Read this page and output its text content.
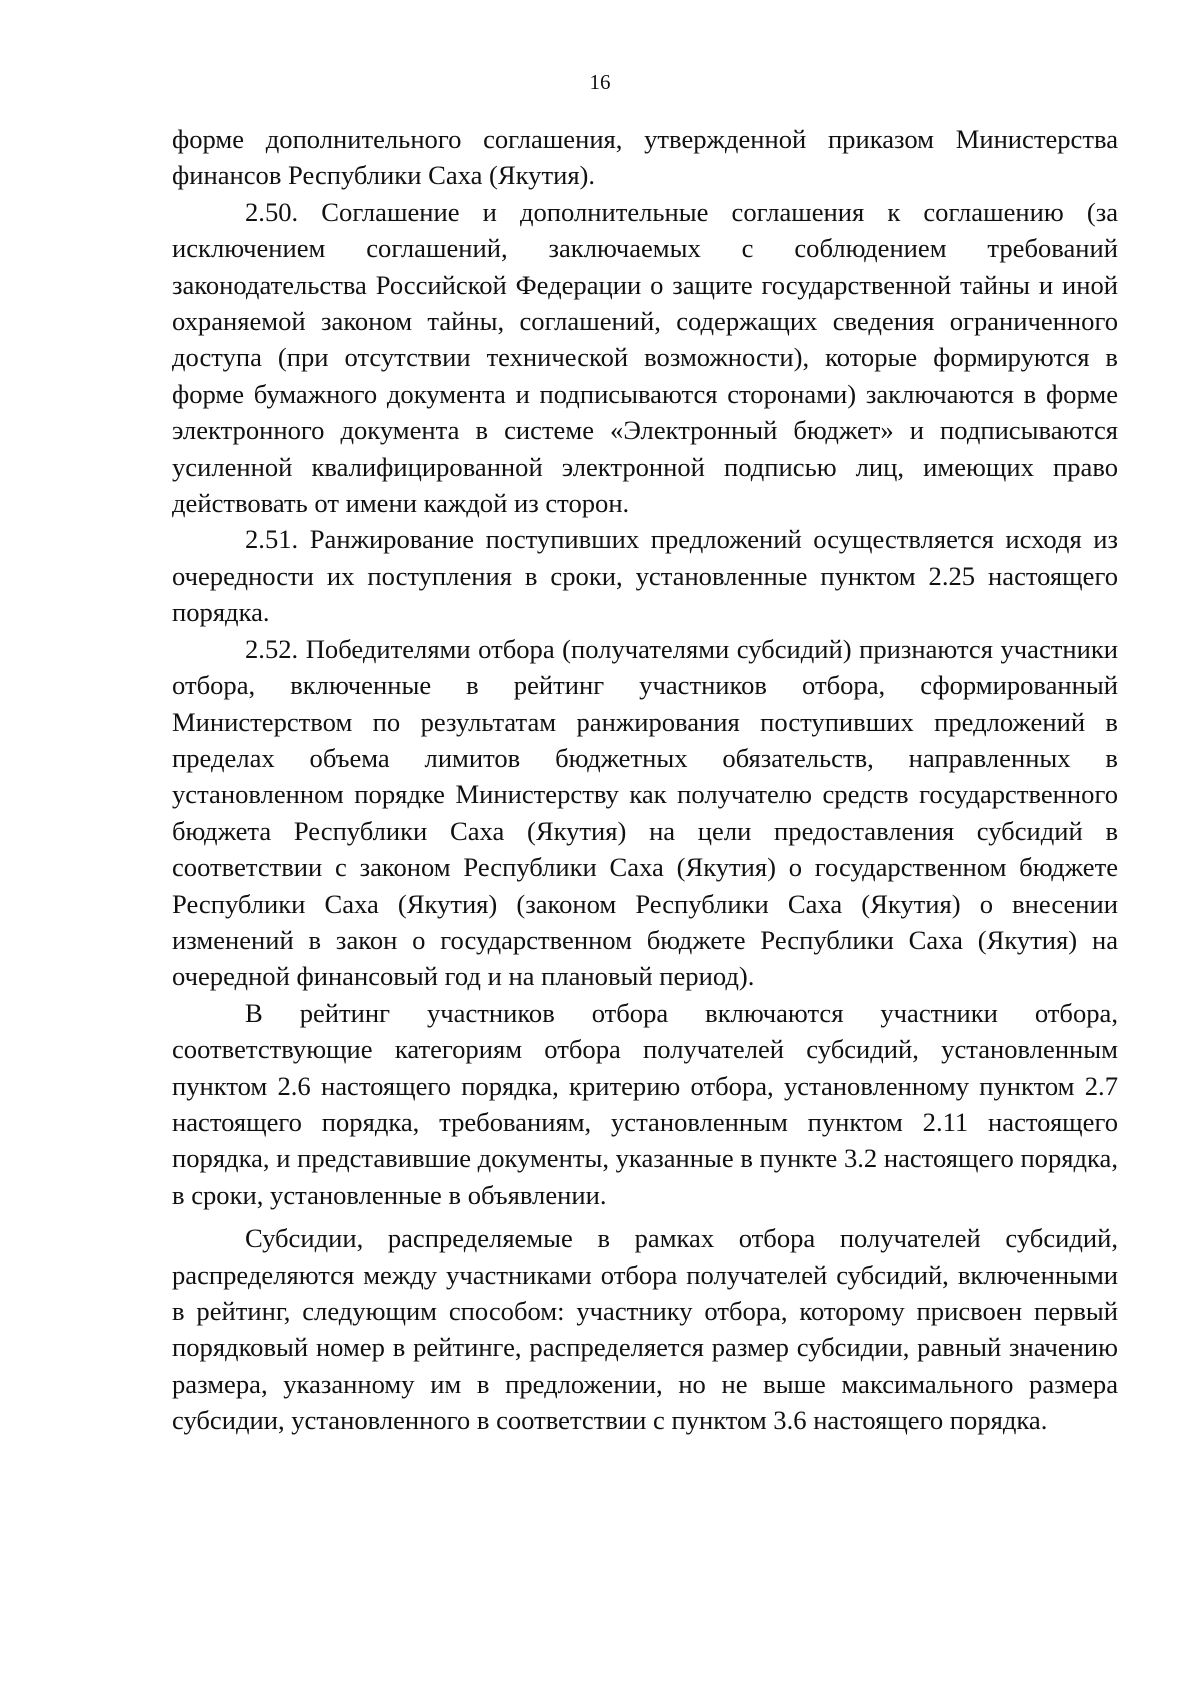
16

форме дополнительного соглашения, утвержденной приказом Министерства финансов Республики Саха (Якутия).

2.50. Соглашение и дополнительные соглашения к соглашению (за исключением соглашений, заключаемых с соблюдением требований законодательства Российской Федерации о защите государственной тайны и иной охраняемой законом тайны, соглашений, содержащих сведения ограниченного доступа (при отсутствии технической возможности), которые формируются в форме бумажного документа и подписываются сторонами) заключаются в форме электронного документа в системе «Электронный бюджет» и подписываются усиленной квалифицированной электронной подписью лиц, имеющих право действовать от имени каждой из сторон.

2.51. Ранжирование поступивших предложений осуществляется исходя из очередности их поступления в сроки, установленные пунктом 2.25 настоящего порядка.

2.52. Победителями отбора (получателями субсидий) признаются участники отбора, включенные в рейтинг участников отбора, сформированный Министерством по результатам ранжирования поступивших предложений в пределах объема лимитов бюджетных обязательств, направленных в установленном порядке Министерству как получателю средств государственного бюджета Республики Саха (Якутия) на цели предоставления субсидий в соответствии с законом Республики Саха (Якутия) о государственном бюджете Республики Саха (Якутия) (законом Республики Саха (Якутия) о внесении изменений в закон о государственном бюджете Республики Саха (Якутия) на очередной финансовый год и на плановый период).

В рейтинг участников отбора включаются участники отбора, соответствующие категориям отбора получателей субсидий, установленным пунктом 2.6 настоящего порядка, критерию отбора, установленному пунктом 2.7 настоящего порядка, требованиям, установленным пунктом 2.11 настоящего порядка, и представившие документы, указанные в пункте 3.2 настоящего порядка, в сроки, установленные в объявлении.

Субсидии, распределяемые в рамках отбора получателей субсидий, распределяются между участниками отбора получателей субсидий, включенными в рейтинг, следующим способом: участнику отбора, которому присвоен первый порядковый номер в рейтинге, распределяется размер субсидии, равный значению размера, указанному им в предложении, но не выше максимального размера субсидии, установленного в соответствии с пунктом 3.6 настоящего порядка.
